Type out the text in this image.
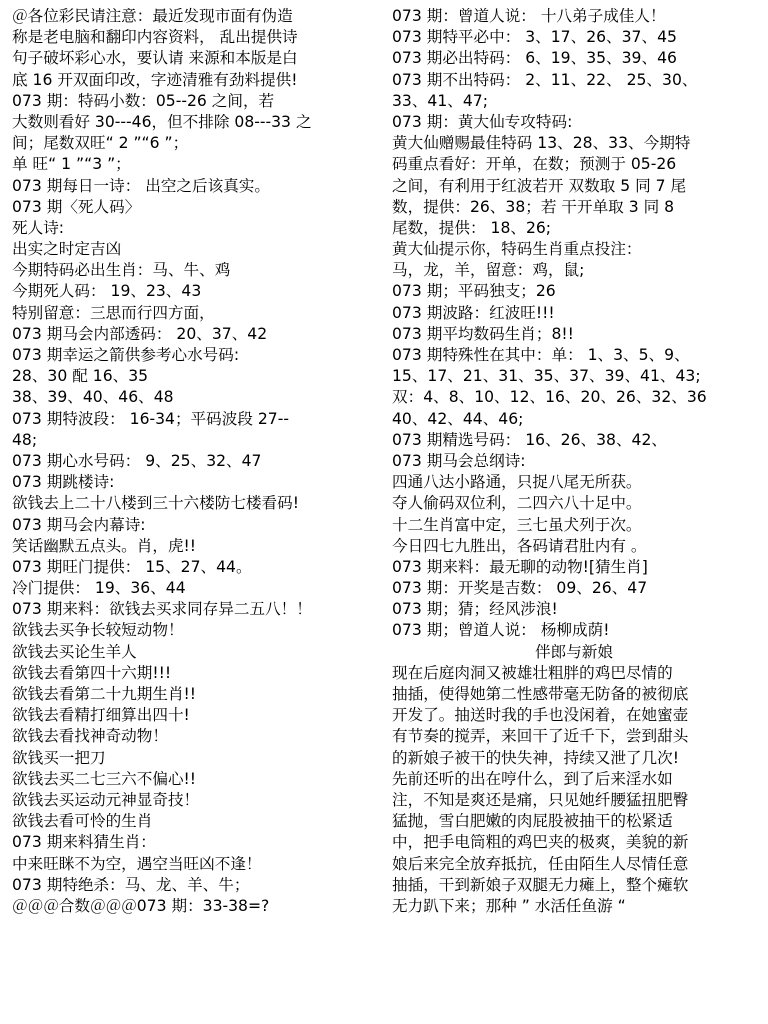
＠各位彩民请注意：最近发现市面有伪造
称是老电脑和翻印内容资料， 乱出提供诗
句子破坏彩心水，要认请 来源和本版是白
底 16 开双面印改，字迹清雅有劲料提供!
073 期：特码小数：05--26 之间，若
大数则看好 30---46，但不排除 08---33 之
间；尾数双旺“ 2 ”“6 ”；
单 旺“ 1 ”“3 ”；
073 期每日一诗： 出空之后该真实。
073 期〈死人码〉
死人诗:
出实之时定吉凶
今期特码必出生肖：马、牛、鸡
今期死人码： 19、23、43
特别留意：三思而行四方面，
073 期马会内部透码： 20、37、42
073 期幸运之箭供参考心水号码:
28、30 配 16、35
38、39、40、46、48
073 期特波段： 16-34；平码波段 27--
48;
073 期心水号码： 9、25、32、47
073 期跳楼诗:
欲钱去上二十八楼到三十六楼防七楼看码!
073 期马会内幕诗:
笑话幽默五点头。肖，虎!!
073 期旺门提供： 15、27、44。
冷门提供： 19、36、44
073 期来料：欲钱去买求同存异二五八！！
欲钱去买争长较短动物！
欲钱去买论生羊人
欲钱去看第四十六期!!!
欲钱去看第二十九期生肖!!
欲钱去看精打细算出四十!
欲钱去看找神奇动物！
欲钱买一把刀
欲钱去买二七三六不偏心!!
欲钱去买运动元神显奇技！
欲钱去看可怜的生肖
073 期来料猜生肖：
中来旺眯不为空，遇空当旺凶不逢！
073 期特绝杀：马、龙、羊、牛；
＠＠＠合数＠＠＠073 期：33-38=?
073 期：曾道人说： 十八弟子成佳人！
073 期特平必中： 3、17、26、37、45
073 期必出特码： 6、19、35、39、46
073 期不出特码： 2、11、22、 25、30、
33、41、47;
073 期：黄大仙专攻特码:
黄大仙赠赐最佳特码 13、28、33、今期特
码重点看好：开单，在数；预测于 05-26
之间，有利用于红波若开 双数取 5 同 7 尾
数，提供：26、38；若 干开单取 3 同 8
尾数，提供： 18、26;
黄大仙提示你，特码生肖重点投注：
马，龙，羊，留意：鸡，鼠;
073 期；平码独支；26
073 期波路：红波旺!!!
073 期平均数码生肖；8!!
073 期特殊性在其中：单： 1、3、5、9、
15、17、21、31、35、37、39、41、43;
双：4、8、10、12、16、20、26、32、36
40、42、44、46;
073 期精选号码： 16、26、38、42、
073 期马会总纲诗:
四通八达小路通，只捉八尾无所获。
夺人偷码双位利，二四六八十足中。
十二生肖富中定，三七虽犬列于次。
今日四七九胜出，各码请君肚内有 。
073 期来料：最无聊的动物![猜生肖]
073 期：开奖是吉数： 09、26、47
073 期；猜；经风涉浪!
073 期；曾道人说： 杨柳成荫!
伴郎与新娘
现在后庭肉洞又被雄壮粗胖的鸡巴尽情的
抽插，使得她第二性感带毫无防备的被彻底
开发了。抽送时我的手也没闲着，在她蜜壶
有节奏的搅弄，来回干了近千下，尝到甜头
的新娘子被干的快失神，持续又泄了几次!
先前还听的出在哼什么，到了后来淫水如
注，不知是爽还是痛，只见她纤腰猛扭肥臀
猛抛，雪白肥嫩的肉屁股被抽干的松紧适
中，把手电筒粗的鸡巴夹的极爽，美貌的新
娘后来完全放弃抵抗，任由陌生人尽情任意
抽插，干到新娘子双腿无力瘫上，整个瘫软
无力趴下来；那种 ” 水活任鱼游 “
